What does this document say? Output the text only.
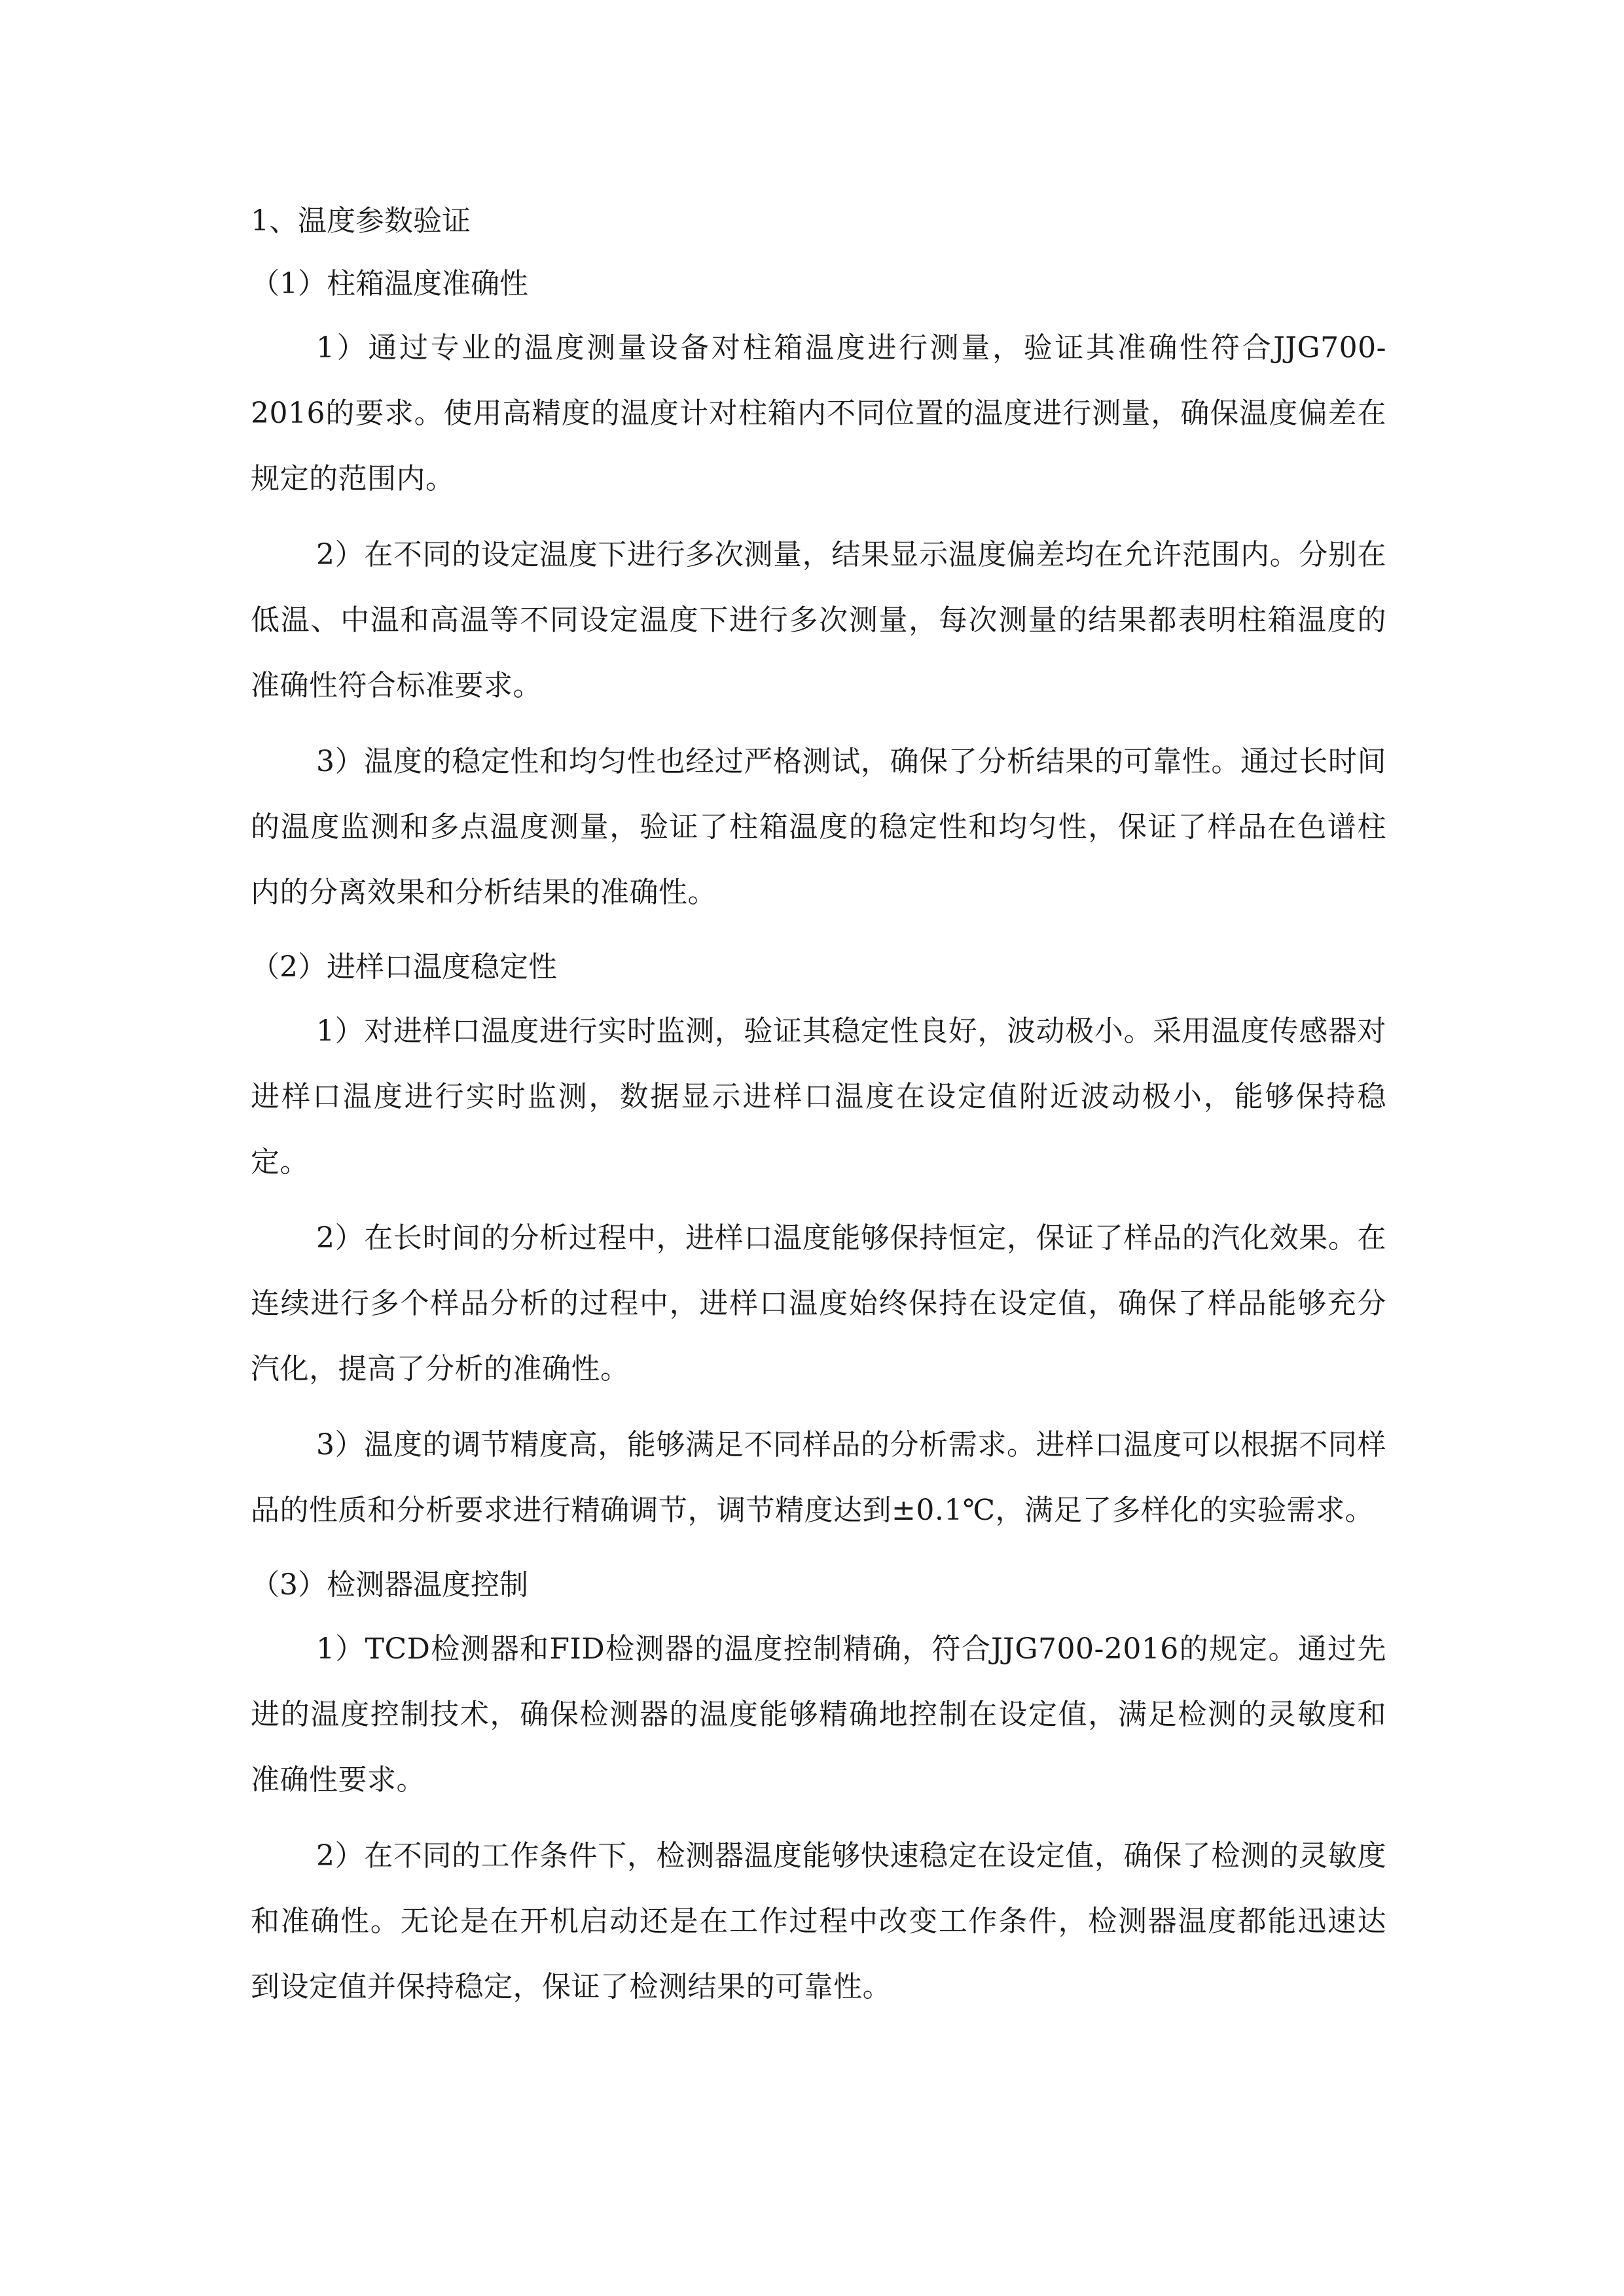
1、温度参数验证

（1）柱箱温度准确性

1）通过专业的温度测量设备对柱箱温度进行测量，验证其准确性符合JJG700-2016的要求。使用高精度的温度计对柱箱内不同位置的温度进行测量，确保温度偏差在规定的范围内。

2）在不同的设定温度下进行多次测量，结果显示温度偏差均在允许范围内。分别在低温、中温和高温等不同设定温度下进行多次测量，每次测量的结果都表明柱箱温度的准确性符合标准要求。

3）温度的稳定性和均匀性也经过严格测试，确保了分析结果的可靠性。通过长时间的温度监测和多点温度测量，验证了柱箱温度的稳定性和均匀性，保证了样品在色谱柱内的分离效果和分析结果的准确性。

（2）进样口温度稳定性

1）对进样口温度进行实时监测，验证其稳定性良好，波动极小。采用温度传感器对进样口温度进行实时监测，数据显示进样口温度在设定值附近波动极小，能够保持稳定。

2）在长时间的分析过程中，进样口温度能够保持恒定，保证了样品的汽化效果。在连续进行多个样品分析的过程中，进样口温度始终保持在设定值，确保了样品能够充分汽化，提高了分析的准确性。

3）温度的调节精度高，能够满足不同样品的分析需求。进样口温度可以根据不同样品的性质和分析要求进行精确调节，调节精度达到±0.1℃，满足了多样化的实验需求。

（3）检测器温度控制

1）TCD检测器和FID检测器的温度控制精确，符合JJG700-2016的规定。通过先进的温度控制技术，确保检测器的温度能够精确地控制在设定值，满足检测的灵敏度和准确性要求。

2）在不同的工作条件下，检测器温度能够快速稳定在设定值，确保了检测的灵敏度和准确性。无论是在开机启动还是在工作过程中改变工作条件，检测器温度都能迅速达到设定值并保持稳定，保证了检测结果的可靠性。
